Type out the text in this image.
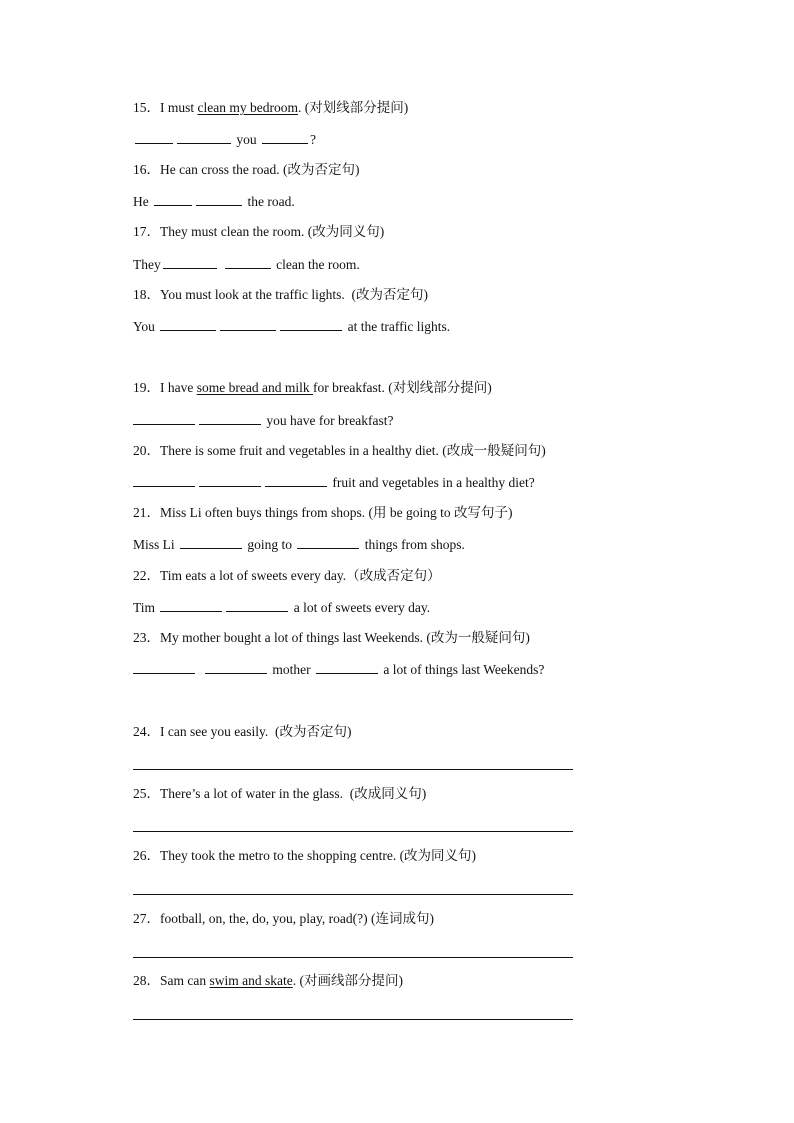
15．I must clean my bedroom. (对划线部分提问)
you	?
16．He can cross the road. (改为否定句)
He	the road.
17．They must clean the room. (改为同义句)
They	clean the room.
18．You must look at the traffic lights.  (改为否定句)
You	at the traffic lights.
19．I have some bread and milk for breakfast. (对划线部分提问)
you have for breakfast?
20．There is some fruit and vegetables in a healthy diet. (改成一般疑问句)
fruit and vegetables in a healthy diet?
21．Miss Li often buys things from shops. (用 be going to 改写句子)
Miss Li	going to	things from shops.
22．Tim eats a lot of sweets every day.（改成否定句）
Tim	a lot of sweets every day.
23．My mother bought a lot of things last Weekends. (改为一般疑问句)
mother	a lot of things last Weekends?
24．I can see you easily.  (改为否定句)
25．There’s a lot of water in the glass.  (改成同义句)
26．They took the metro to the shopping centre. (改为同义句)
27．football, on, the, do, you, play, road(?) (连词成句)
28．Sam can swim and skate. (对画线部分提问)
